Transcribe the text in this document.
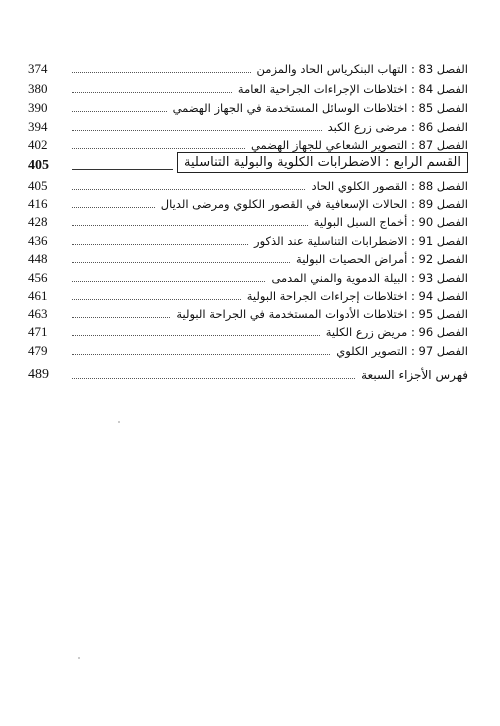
الفصل 83 : التهاب البنكرياس الحاد والمزمن
374
الفصل 84 : اختلاطات الإجراءات الجراحية العامة
380
الفصل 85 : اختلاطات الوسائل المستخدمة في الجهاز الهضمي
390
الفصل 86 : مرضى زرع الكبد
394
الفصل 87 : التصوير الشعاعي للجهاز الهضمي
402
القسم الرابع : الاضطرابات الكلوية والبولية التناسلية
405
الفصل 88 : القصور الكلوي الحاد
405
الفصل 89 : الحالات الإسعافية في القصور الكلوي ومرضى الديال
416
الفصل 90 : أخماج السبل البولية
428
الفصل 91 : الاضطرابات التناسلية عند الذكور
436
الفصل 92 : أمراض الحصيات البولية
448
الفصل 93 : البيلة الدموية والمني المدمى
456
الفصل 94 : اختلاطات إجراءات الجراحة البولية
461
الفصل 95 : اختلاطات الأدوات المستخدمة في الجراحة البولية
463
الفصل 96 : مريض زرع الكلية
471
الفصل 97 : التصوير الكلوي
479
فهرس الأجزاء السبعة
489
